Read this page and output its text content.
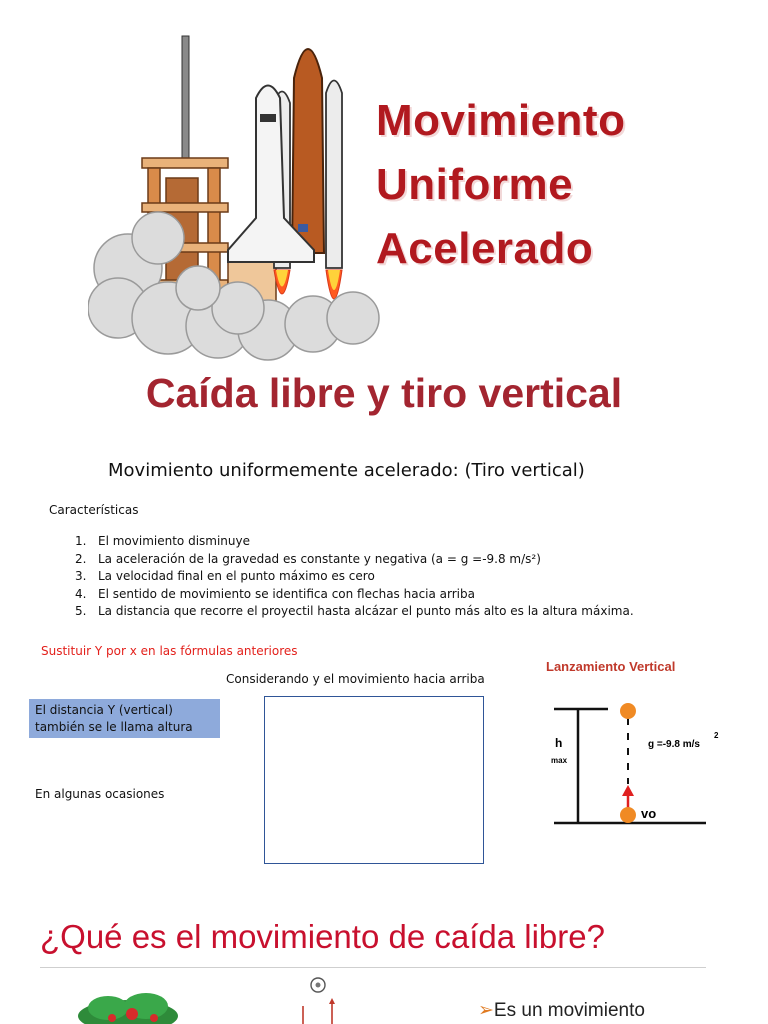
Movimiento
Uniforme
Acelerado
Caída libre y tiro vertical
Movimiento uniformemente acelerado: (Tiro vertical)
Características
1. El movimiento disminuye
2. La aceleración de la gravedad es constante y negativa (a = g =-9.8 m/s²)
3. La velocidad final en el punto máximo es cero
4. El sentido de movimiento se identifica con flechas hacia arriba
5. La distancia que recorre el proyectil hasta alcázar el punto más alto es la altura máxima.
Sustituir Y por x en las fórmulas anteriores
Considerando y el movimiento hacia arriba
El distancia Y (vertical)
también se le llama altura
En algunas ocasiones
Lanzamiento Vertical
h
max
g =-9.8 m/s
2
vo
¿Qué es el movimiento de caída libre?
➢Es un movimiento
